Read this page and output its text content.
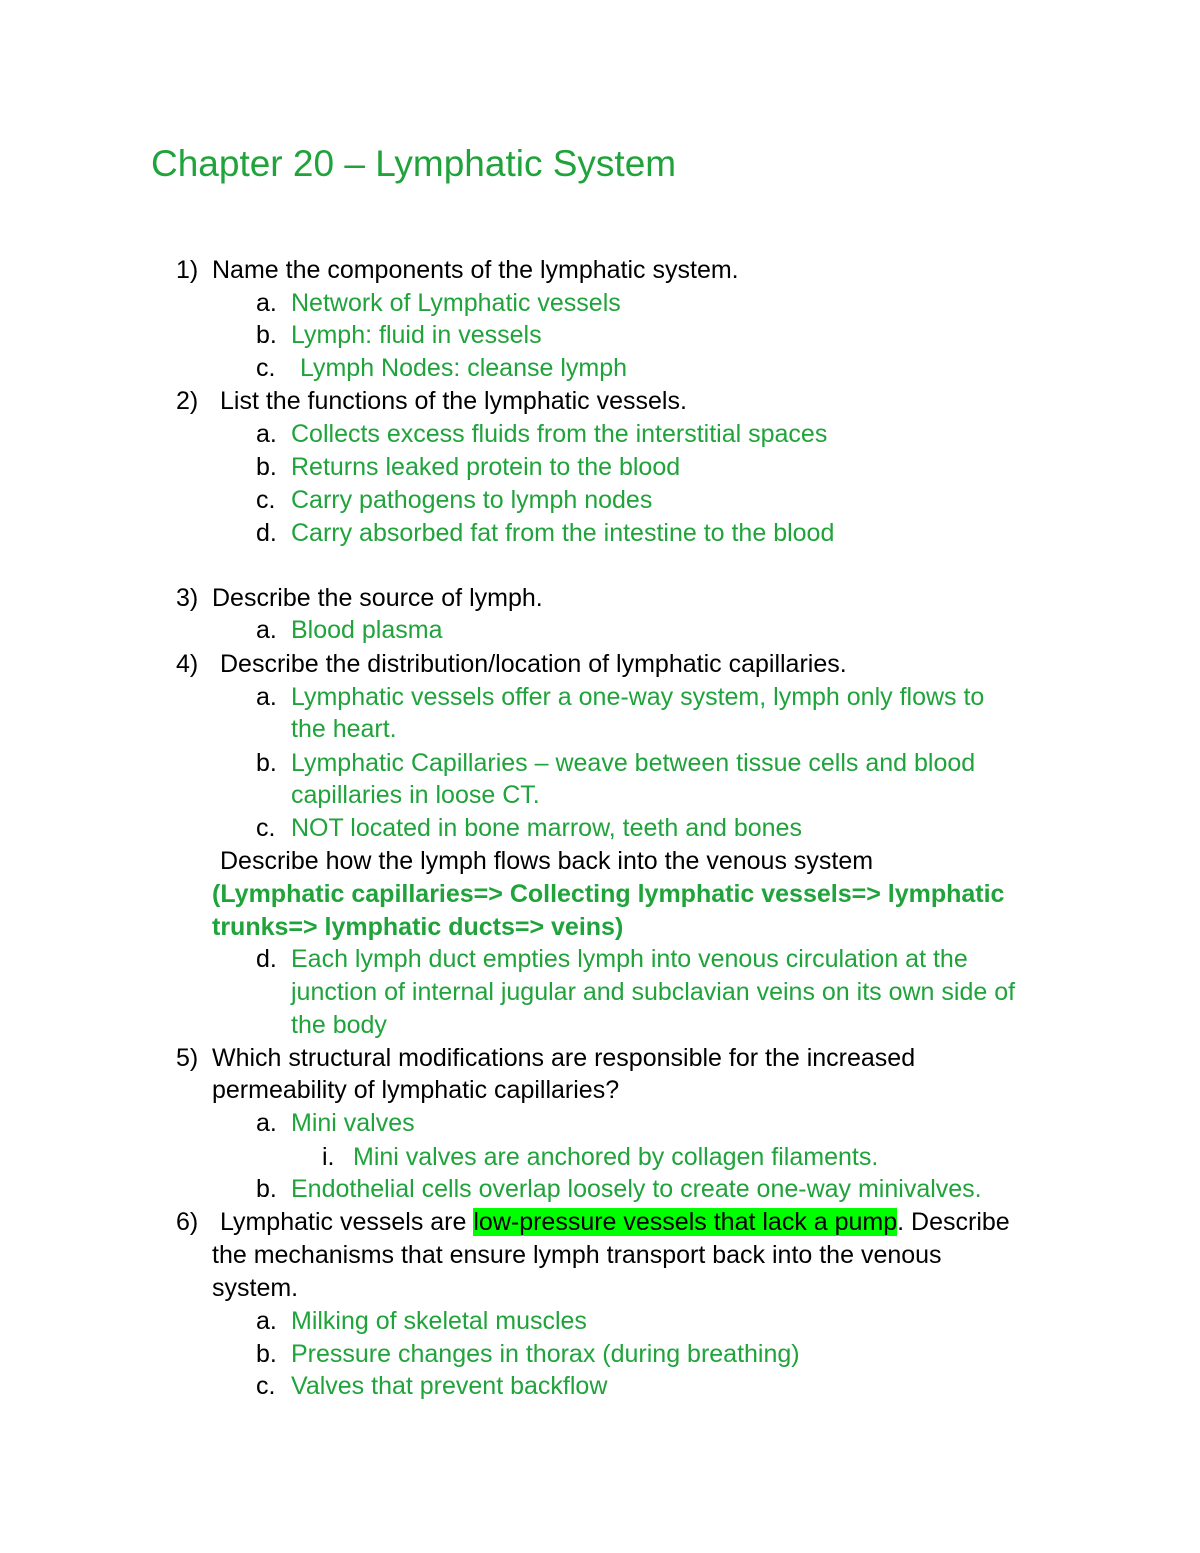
Chapter 20 – Lymphatic System
1) Name the components of the lymphatic system.
a. Network of Lymphatic vessels
b. Lymph: fluid in vessels
c. Lymph Nodes: cleanse lymph
2) List the functions of the lymphatic vessels.
a. Collects excess fluids from the interstitial spaces
b. Returns leaked protein to the blood
c. Carry pathogens to lymph nodes
d. Carry absorbed fat from the intestine to the blood
3) Describe the source of lymph.
a. Blood plasma
4) Describe the distribution/location of lymphatic capillaries.
a. Lymphatic vessels offer a one-way system, lymph only flows to
the heart.
b. Lymphatic Capillaries – weave between tissue cells and blood
capillaries in loose CT.
c. NOT located in bone marrow, teeth and bones
Describe how the lymph flows back into the venous system
(Lymphatic capillaries=> Collecting lymphatic vessels=> lymphatic
trunks=> lymphatic ducts=> veins)
d. Each lymph duct empties lymph into venous circulation at the
junction of internal jugular and subclavian veins on its own side of
the body
5) Which structural modifications are responsible for the increased
permeability of lymphatic capillaries?
a. Mini valves
i. Mini valves are anchored by collagen filaments.
b. Endothelial cells overlap loosely to create one-way minivalves.
6) Lymphatic vessels are low-pressure vessels that lack a pump. Describe
the mechanisms that ensure lymph transport back into the venous
system.
a. Milking of skeletal muscles
b. Pressure changes in thorax (during breathing)
c. Valves that prevent backflow
